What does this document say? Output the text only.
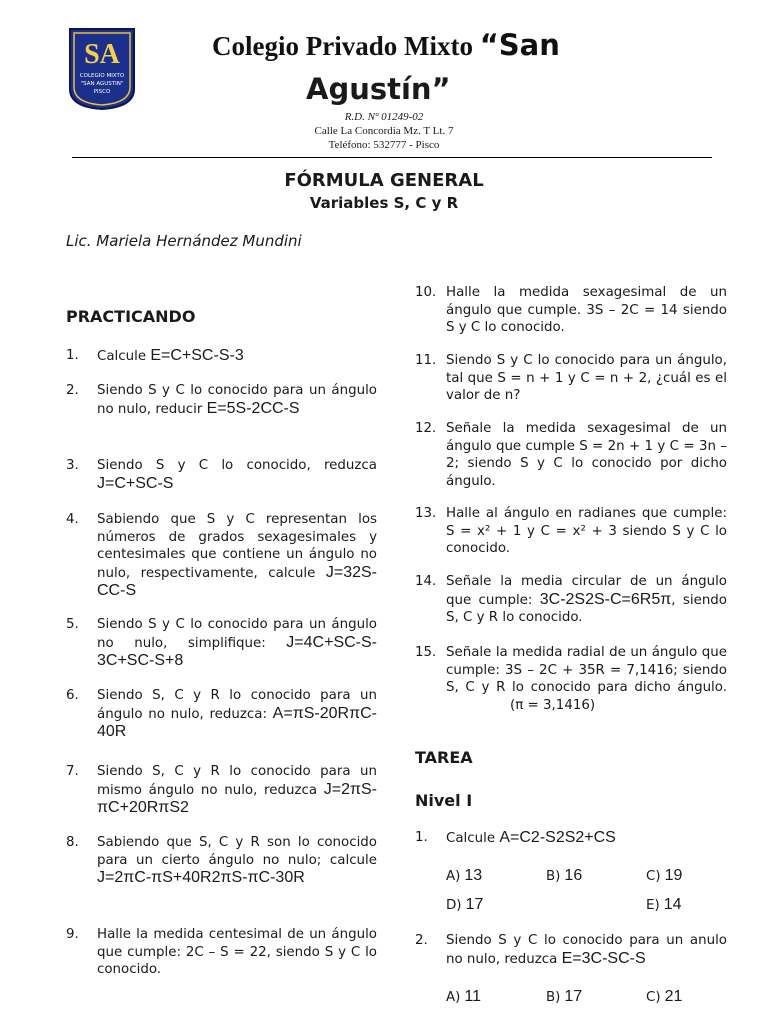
SA
COLEGIO MIXTO
"SAN AGUSTIN"
PISCO
Colegio Privado Mixto “San
Agustín”
R.D. Nº 01249-02
Calle La Concordia Mz. T Lt. 7
Teléfono: 532777 - Pisco
FÓRMULA GENERAL
Variables S, C y R
Lic. Mariela Hernández Mundini
PRACTICANDO
1. Calcule E=C+SC-S-3
2. Siendo S y C lo conocido para un ángulo no nulo, reducir E=5S-2CC-S
3. Siendo S y C lo conocido, reduzca J=C+SC-S
4. Sabiendo que S y C representan los números de grados sexagesimales y centesimales que contiene un ángulo no nulo, respectivamente, calcule J=32S-CC-S
5. Siendo S y C lo conocido para un ángulo no nulo, simplifique: J=4C+SC-S-3C+SC-S+8
6. Siendo S, C y R lo conocido para un ángulo no nulo, reduzca: A=πS-20RπC-40R
7. Siendo S, C y R lo conocido para un mismo ángulo no nulo, reduzca J=2πS-πC+20RπS2
8. Sabiendo que S, C y R son lo conocido para un cierto ángulo no nulo; calcule J=2πC-πS+40R2πS-πC-30R
9. Halle la medida centesimal de un ángulo que cumple: 2C – S = 22, siendo S y C lo conocido.
10. Halle la medida sexagesimal de un ángulo que cumple. 3S – 2C = 14 siendo S y C lo conocido.
11. Siendo S y C lo conocido para un ángulo, tal que S = n + 1 y C = n + 2, ¿cuál es el valor de n?
12. Señale la medida sexagesimal de un ángulo que cumple S = 2n + 1 y C = 3n – 2; siendo S y C lo conocido por dicho ángulo.
13. Halle al ángulo en radianes que cumple: S = x² + 1 y C = x² + 3 siendo S y C lo conocido.
14. Señale la media circular de un ángulo que cumple: 3C-2S2S-C=6R5π, siendo S, C y R lo conocido.
15. Señale la medida radial de un ángulo que cumple: 3S – 2C + 35R = 7,1416; siendo S, C y R lo conocido para dicho ángulo. (π = 3,1416)
TAREA
Nivel I
1. Calcule A=C2-S2S2+CS
A) 13	B) 16	C) 19
D) 17	E) 14
2. Siendo S y C lo conocido para un anulo no nulo, reduzca E=3C-SC-S
A) 11	B) 17	C) 21
